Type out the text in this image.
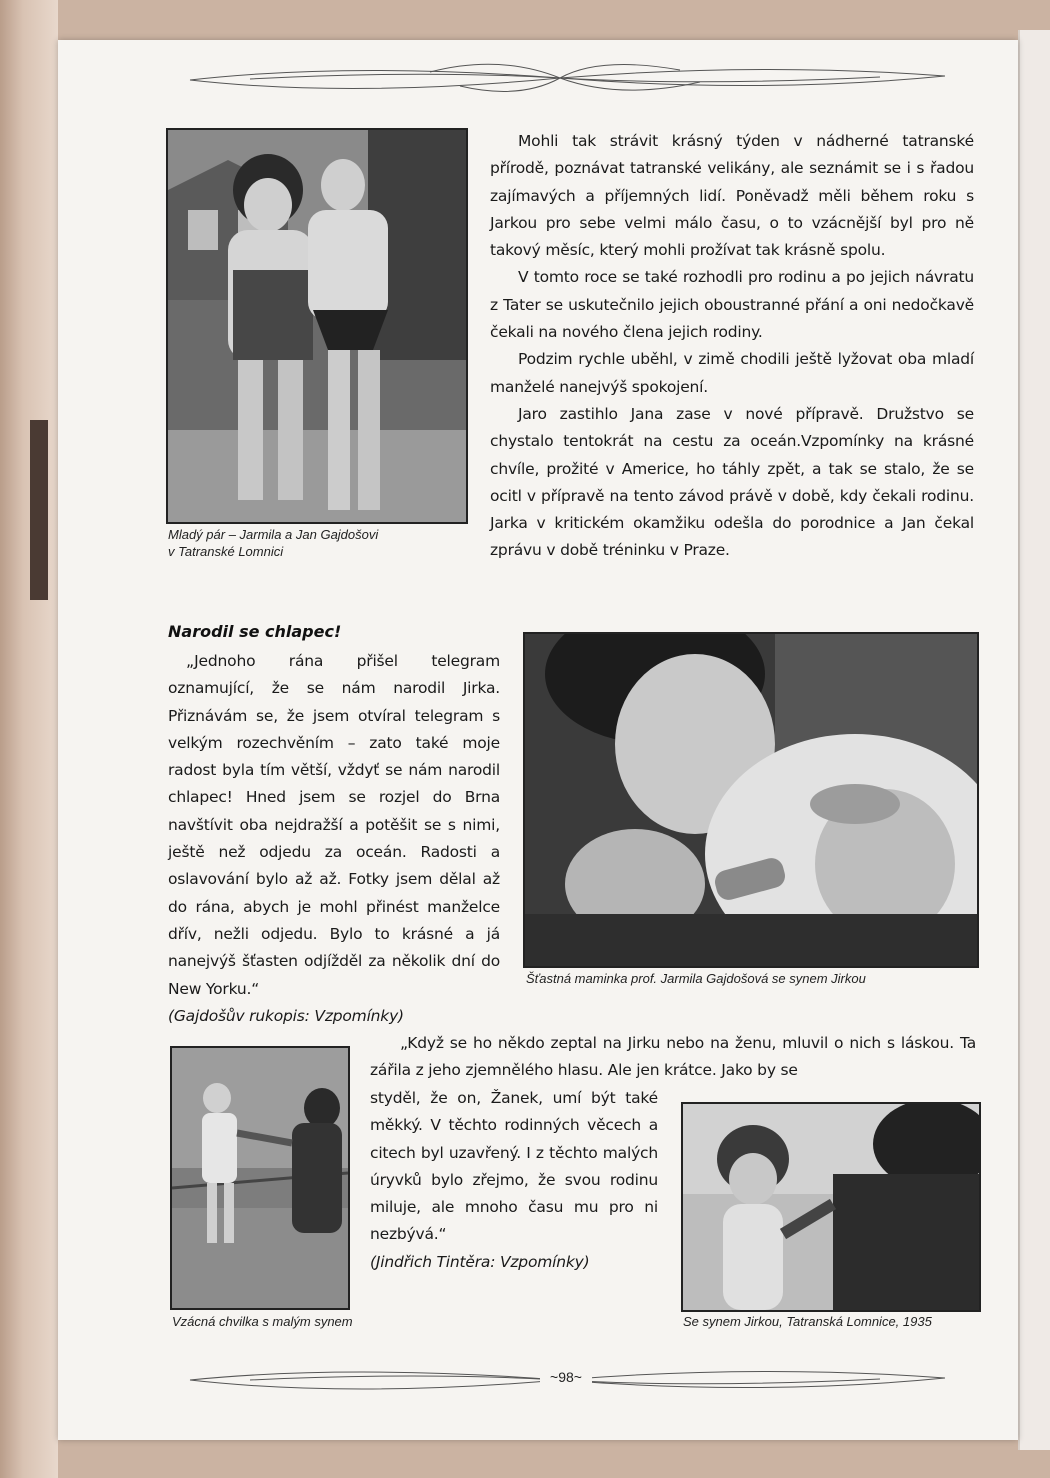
Mladý pár – Jarmila a Jan Gajdošovi
v Tatranské Lomnici

Mohli tak strávit krásný týden v nádherné tatranské přírodě, poznávat tatranské velikány, ale seznámit se i s řadou zajímavých a příjemných lidí. Poněvadž měli během roku s Jarkou pro sebe velmi málo času, o to vzácnější byl pro ně takový měsíc, který mohli prožívat tak krásně spolu.

V tomto roce se také rozhodli pro rodinu a po jejich návratu z Tater se uskutečnilo jejich oboustranné přání a oni nedočkavě čekali na nového člena jejich rodiny.

Podzim rychle uběhl, v zimě chodili ještě lyžovat oba mladí manželé nanejvýš spokojení.

Jaro zastihlo Jana zase v nové přípravě. Družstvo se chystalo tentokrát na cestu za oceán.Vzpomínky na krásné chvíle, prožité v Americe, ho táhly zpět, a tak se stalo, že se ocitl v přípravě na tento závod právě v době, kdy čekali rodinu. Jarka v kritickém okamžiku odešla do porodnice a Jan čekal zprávu v době tréninku v Praze.

Narodil se chlapec!

„Jednoho rána přišel telegram oznamující, že se nám narodil Jirka. Přiznávám se, že jsem otvíral telegram s velkým rozechvěním – zato také moje radost byla tím větší, vždyť se nám narodil chlapec! Hned jsem se rozjel do Brna navštívit oba nejdražší a potěšit se s nimi, ještě než odjedu za oceán. Radosti a oslavování bylo až až. Fotky jsem dělal až do rána, abych je mohl přinést manželce dřív, nežli odjedu. Bylo to krásné a já nanejvýš šťasten odjížděl za několik dní do New Yorku.“

(Gajdošův rukopis: Vzpomínky)

Šťastná maminka prof. Jarmila Gajdošová se synem Jirkou

„Když se ho někdo zeptal na Jirku nebo na ženu, mluvil o nich s láskou. Ta zářila z jeho zjemnělého hlasu. Ale jen krátce. Jako by se

styděl, že on, Žanek, umí být také měkký. V těchto rodinných věcech a citech byl uzavřený. I z těchto malých úryvků bylo zřejmo, že svou rodinu miluje, ale mnoho času mu pro ni nezbývá.“

(Jindřich Tintěra: Vzpomínky)

Vzácná chvilka s malým synem	Se synem Jirkou, Tatranská Lomnice, 1935
~98~
